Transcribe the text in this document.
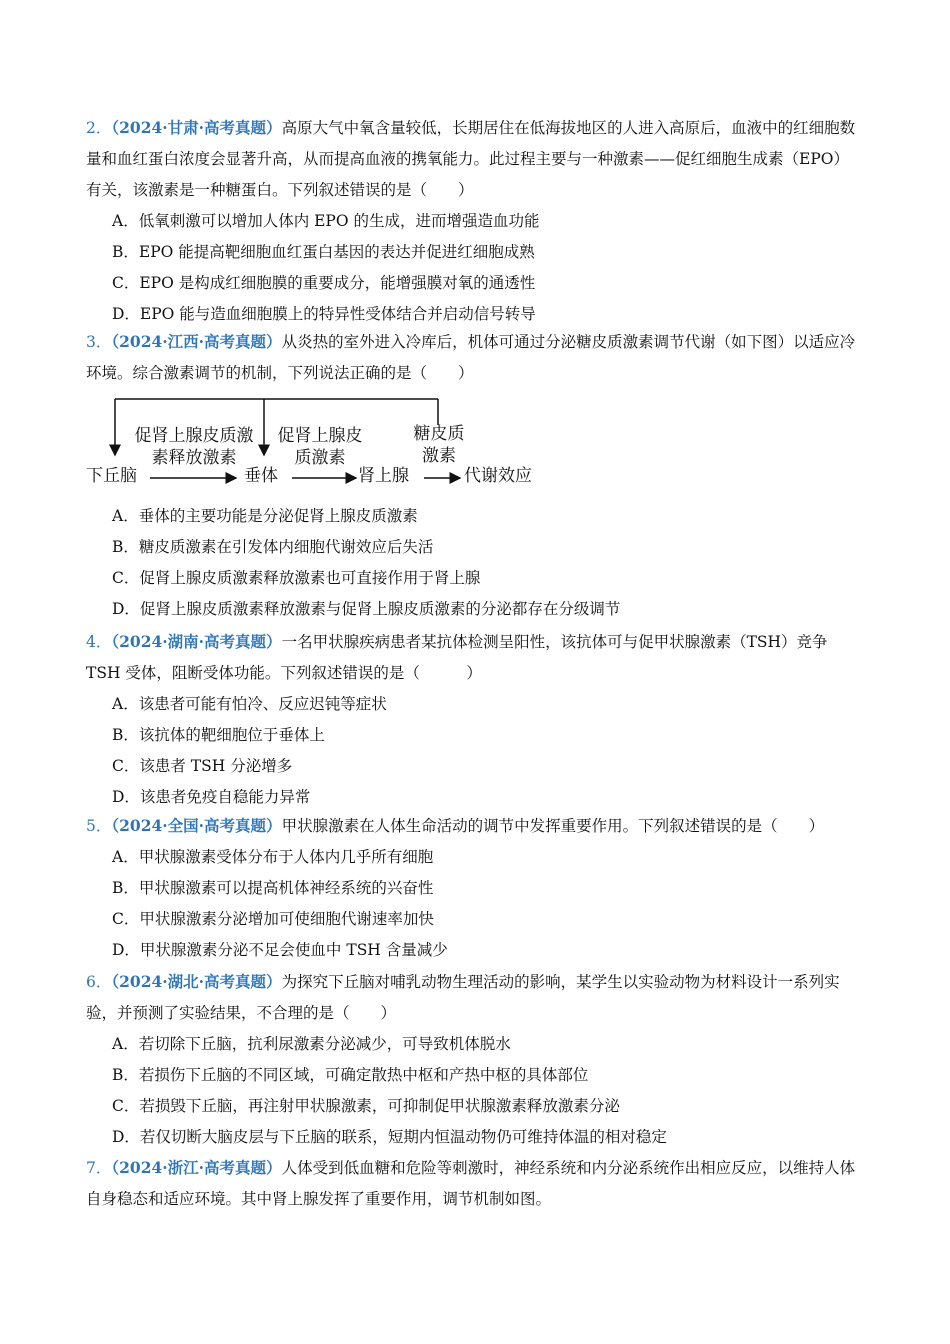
2．（2024·甘肃·高考真题）高原大气中氧含量较低，长期居住在低海拔地区的人进入高原后，血液中的红细胞数量和血红蛋白浓度会显著升高，从而提高血液的携氧能力。此过程主要与一种激素——促红细胞生成素（EPO）有关，该激素是一种糖蛋白。下列叙述错误的是（　　）

A．低氧刺激可以增加人体内 EPO 的生成，进而增强造血功能

B．EPO 能提高靶细胞血红蛋白基因的表达并促进红细胞成熟

C．EPO 是构成红细胞膜的重要成分，能增强膜对氧的通透性

D．EPO 能与造血细胞膜上的特异性受体结合并启动信号转导

3．（2024·江西·高考真题）从炎热的室外进入冷库后，机体可通过分泌糖皮质激素调节代谢（如下图）以适应冷环境。综合激素调节的机制，下列说法正确的是（　　）

下丘脑	垂体	肾上腺	代谢效应
促肾上腺皮质激
素释放激素
促肾上腺皮
质激素
糖皮质
激素

A．垂体的主要功能是分泌促肾上腺皮质激素

B．糖皮质激素在引发体内细胞代谢效应后失活

C．促肾上腺皮质激素释放激素也可直接作用于肾上腺

D．促肾上腺皮质激素释放激素与促肾上腺皮质激素的分泌都存在分级调节

4．（2024·湖南·高考真题）一名甲状腺疾病患者某抗体检测呈阳性，该抗体可与促甲状腺激素（TSH）竞争 TSH 受体，阻断受体功能。下列叙述错误的是（　　　）

A．该患者可能有怕冷、反应迟钝等症状

B．该抗体的靶细胞位于垂体上

C．该患者 TSH 分泌增多

D．该患者免疫自稳能力异常

5．（2024·全国·高考真题）甲状腺激素在人体生命活动的调节中发挥重要作用。下列叙述错误的是（　　）

A．甲状腺激素受体分布于人体内几乎所有细胞

B．甲状腺激素可以提高机体神经系统的兴奋性

C．甲状腺激素分泌增加可使细胞代谢速率加快

D．甲状腺激素分泌不足会使血中 TSH 含量减少

6．（2024·湖北·高考真题）为探究下丘脑对哺乳动物生理活动的影响，某学生以实验动物为材料设计一系列实验，并预测了实验结果，不合理的是（　　）

A．若切除下丘脑，抗利尿激素分泌减少，可导致机体脱水

B．若损伤下丘脑的不同区域，可确定散热中枢和产热中枢的具体部位

C．若损毁下丘脑，再注射甲状腺激素，可抑制促甲状腺激素释放激素分泌

D．若仅切断大脑皮层与下丘脑的联系，短期内恒温动物仍可维持体温的相对稳定

7．（2024·浙江·高考真题）人体受到低血糖和危险等刺激时，神经系统和内分泌系统作出相应反应，以维持人体自身稳态和适应环境。其中肾上腺发挥了重要作用，调节机制如图。
